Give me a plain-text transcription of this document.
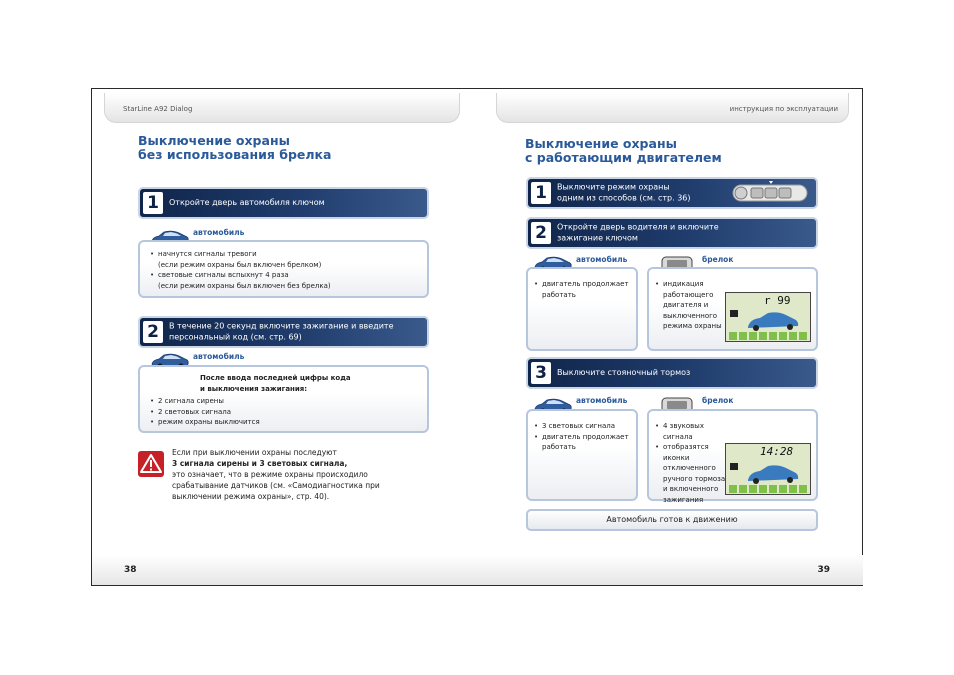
StarLine A92 Dialog	инструкция по эксплуатации
Выключение охраны
без использования брелка
1	Откройте дверь автомобиля ключом
автомобиль
• начнутся сигналы тревоги
(если режим охраны был включен брелком)
• световые сигналы вспыхнут 4 раза
(если режим охраны был включен без брелка)
2	В течение 20 секунд включите зажигание и введите персональный код (см. стр. 69)
автомобиль
После ввода последней цифры кода
и выключения зажигания:
• 2 сигнала сирены
• 2 световых сигнала
• режим охраны выключится
Если при выключении охраны последуют
3 сигнала сирены и 3 световых сигнала,
это означает, что в режиме охраны происходило
срабатывание датчиков (см. «Самодиагностика при
выключении режима охраны», стр. 40).
Выключение охраны
с работающим двигателем
1	Выключите режим охраны
одним из способов (см. стр. 36)
2	Откройте дверь водителя и включите
зажигание ключом
автомобиль
• двигатель продолжает работать
брелок
• индикация работающего двигателя и выключенного режима охраны
r 99
3	Выключите стояночный тормоз
автомобиль
• 3 световых сигнала
• двигатель продолжает работать
брелок
• 4 звуковых сигнала
• отобразятся иконки отключенного ручного тормоза и включенного зажигания
14:28
Автомобиль готов к движению
38	39
